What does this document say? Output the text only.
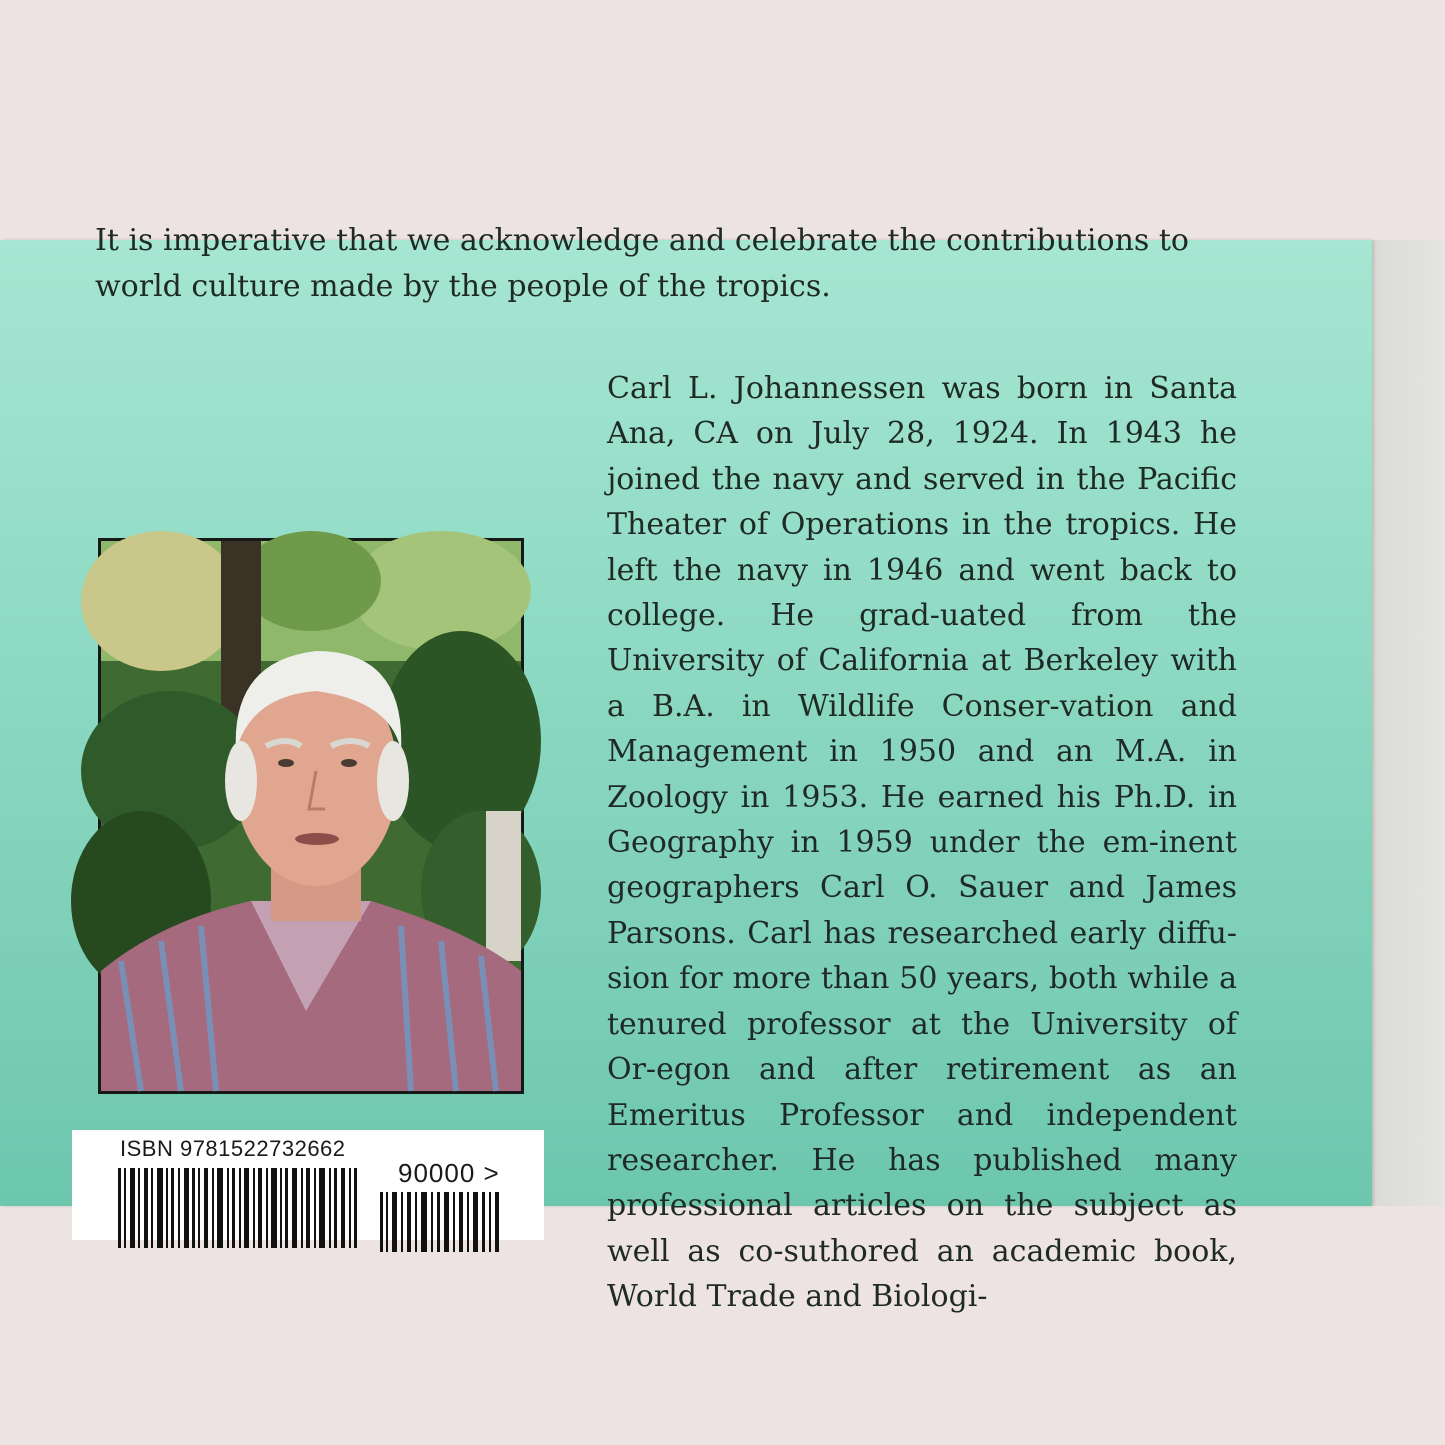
It is imperative that we acknowledge and celebrate the contributions to world culture made by the people of the tropics.

Carl L. Johannessen was born in Santa Ana, CA on July 28, 1924. In 1943 he joined the navy and served in the Pacific Theater of Operations in the tropics. He left the navy in 1946 and went back to college. He grad-uated from the University of California at Berkeley with a B.A. in Wildlife Conser-vation and Management in 1950 and an M.A. in Zoology in 1953. He earned his Ph.D. in Geography in 1959 under the em-inent geographers Carl O. Sauer and James Parsons. Carl has researched early diffu-sion for more than 50 years, both while a tenured professor at the University of Or-egon and after retirement as an Emeritus Professor and independent researcher. He has published many professional articles on the subject as well as co-suthored an academic book, World Trade and Biologi-

ISBN 9781522732662
90000 >
